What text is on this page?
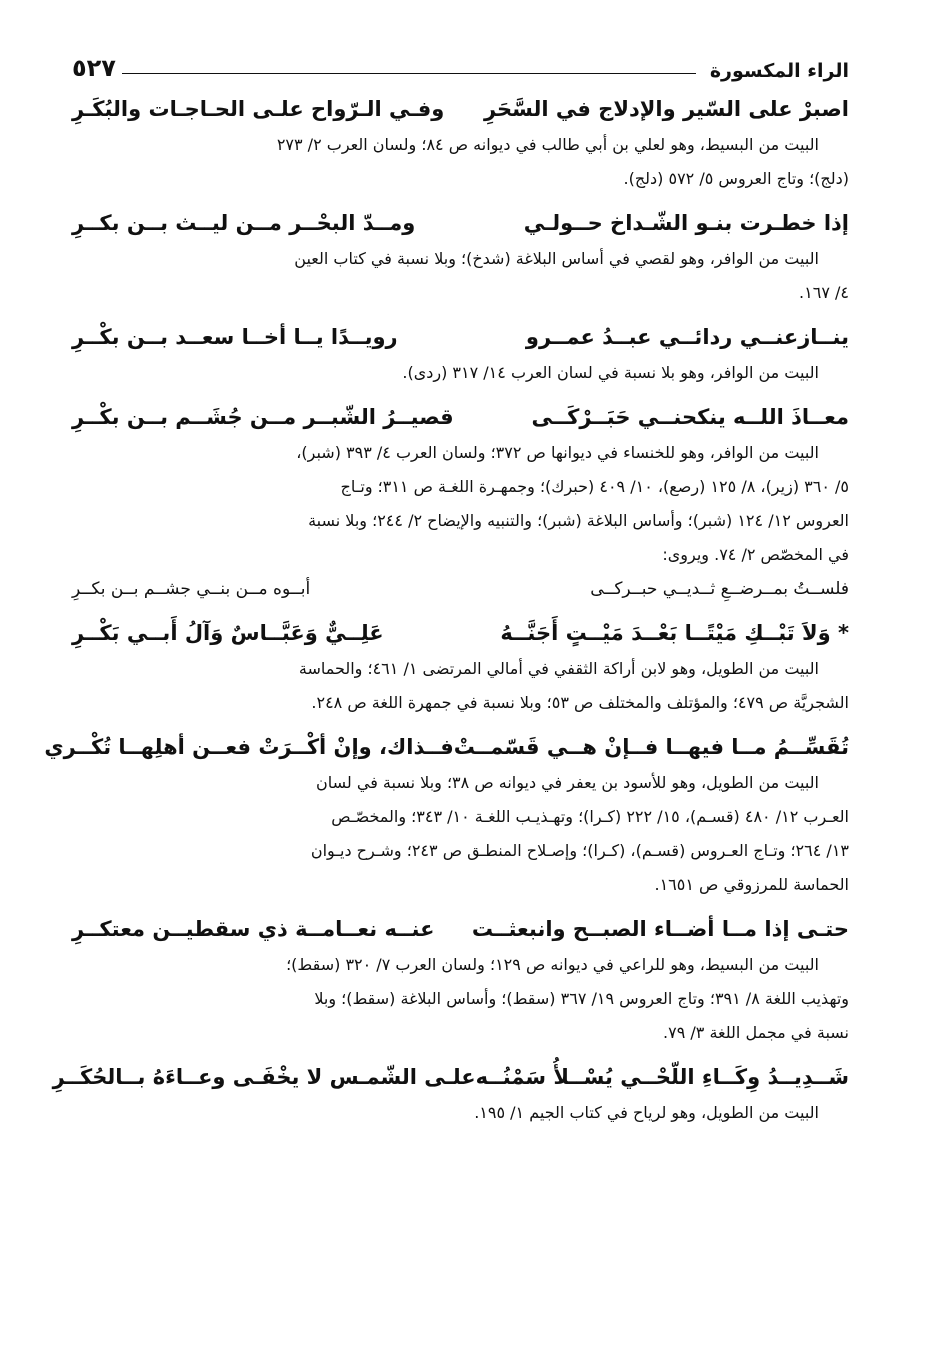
الراء المكسورة
٥٢٧
اصبرْ على السّير والإدلاج في السَّحَرِ
وفـي الـرّواح علـى الحـاجـات والبُكَـرِ
البيت من البسيط، وهو لعلي بن أبي طالب في ديوانه ص ٨٤؛ ولسان العرب ٢/ ٢٧٣
(دلج)؛ وتاج العروس ٥/ ٥٧٢ (دلج).
إذا خطـرت بنـو الشّـداخ حــولـي
ومــدّ البحْــر مــن ليــث بــن بكــرِ
البيت من الوافر، وهو لقصي في أساس البلاغة (شدخ)؛ وبلا نسبة في كتاب العين
٤/ ١٦٧.
ينــازعنــي ردائــي عبــدُ عمــرو
رويــدًا يــا أخــا سعــد بــن بكْــرِ
البيت من الوافر، وهو بلا نسبة في لسان العرب ١٤/ ٣١٧ (ردى).
معــاذَ اللــه ينكحنــي حَبَــرْكَــى
قصيــرُ الشّبــر مــن جُشَــم بــن بكْــرِ
البيت من الوافر، وهو للخنساء في ديوانها ص ٣٧٢؛ ولسان العرب ٤/ ٣٩٣ (شبر)،
٥/ ٣٦٠ (زير)، ٨/ ١٢٥ (رصع)، ١٠/ ٤٠٩ (حبرك)؛ وجمهـرة اللغـة ص ٣١١؛ وتـاج
العروس ١٢/ ١٢٤ (شبر)؛ وأساس البلاغة (شبر)؛ والتنبيه والإيضاح ٢/ ٢٤٤؛ وبلا نسبة
في المخصّص ٢/ ٧٤. ويروى:
فلســتُ بمــرضــعِ ثــديــي حبــركــى
أبــوه مــن بنــي جشــم بــن بكــرِ
* وَلاَ تَبْــكِ مَيْتًــا بَعْــدَ مَيْــتٍ أَجَنَّــهُ
عَلِــيٌّ وَعَبَّــاسٌ وَآلُ أَبــي بَكْــرِ
البيت من الطويل، وهو لابن أراكة الثقفي في أمالي المرتضى ١/ ٤٦١؛ والحماسة
الشجريَّة ص ٤٧٩؛ والمؤتلف والمختلف ص ٥٣؛ وبلا نسبة في جمهرة اللغة ص ٢٤٨.
تُقَسِّــمُ مــا فيهــا فــإنْ هــي قَسّمــتْ
فــذاك، وإنْ أكْــرَتْ فعــن أهلِهــا تُكْــري
البيت من الطويل، وهو للأسود بن يعفر في ديوانه ص ٣٨؛ وبلا نسبة في لسان
العـرب ١٢/ ٤٨٠ (قسـم)، ١٥/ ٢٢٢ (كـرا)؛ وتهـذيـب اللغـة ١٠/ ٣٤٣؛ والمخصّـص
١٣/ ٢٦٤؛ وتـاج العـروس (قسـم)، (كـرا)؛ وإصـلاح المنطـق ص ٢٤٣؛ وشـرح ديـوان
الحماسة للمرزوقي ص ١٦٥١.
حتـى إذا مــا أضــاء الصبــح وانبعثــت
عنــه نعــامــة ذي سقطيــن معتكــرِ
البيت من البسيط، وهو للراعي في ديوانه ص ١٢٩؛ ولسان العرب ٧/ ٣٢٠ (سقط)؛
وتهذيب اللغة ٨/ ٣٩١؛ وتاج العروس ١٩/ ٣٦٧ (سقط)؛ وأساس البلاغة (سقط)؛ وبلا
نسبة في مجمل اللغة ٣/ ٧٩.
شَــدِيــدُ وِكَــاءِ اللّحْــي يُسْــلأُ سَمْنُــه
علـى الشّمـس لا يخْفَـى وعــاءَهُ بــالحُكَــرِ
البيت من الطويل، وهو لرياح في كتاب الجيم ١/ ١٩٥.
